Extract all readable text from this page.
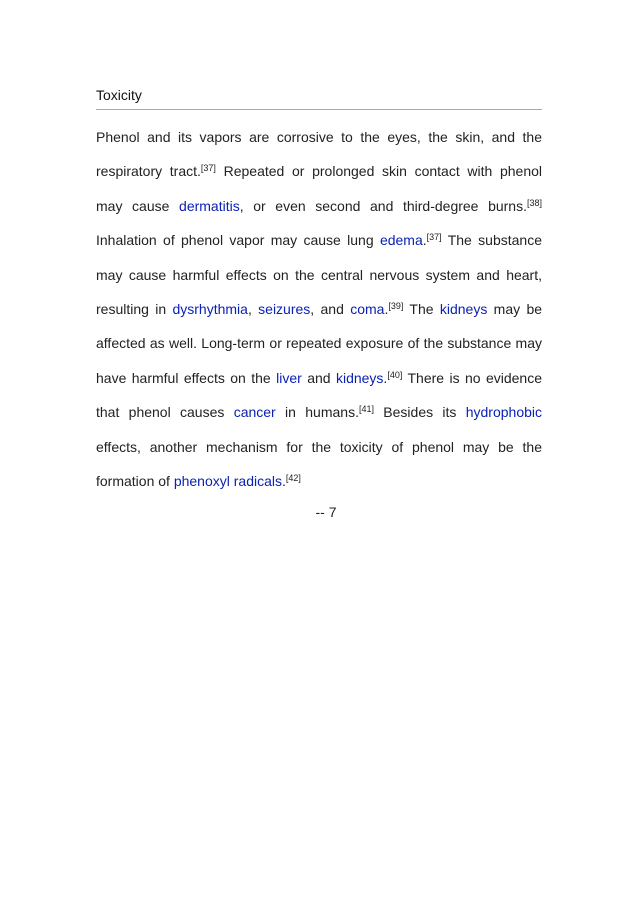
Toxicity

Phenol and its vapors are corrosive to the eyes, the skin, and the respiratory tract.[37] Repeated or prolonged skin contact with phenol may cause dermatitis, or even second and third-degree burns.[38] Inhalation of phenol vapor may cause lung edema.[37] The substance may cause harmful effects on the central nervous system and heart, resulting in dysrhythmia, seizures, and coma.[39] The kidneys may be affected as well. Long-term or repeated exposure of the substance may have harmful effects on the liver and kidneys.[40] There is no evidence that phenol causes cancer in humans.[41] Besides its hydrophobic effects, another mechanism for the toxicity of phenol may be the formation of phenoxyl radicals.[42]

-- 7
